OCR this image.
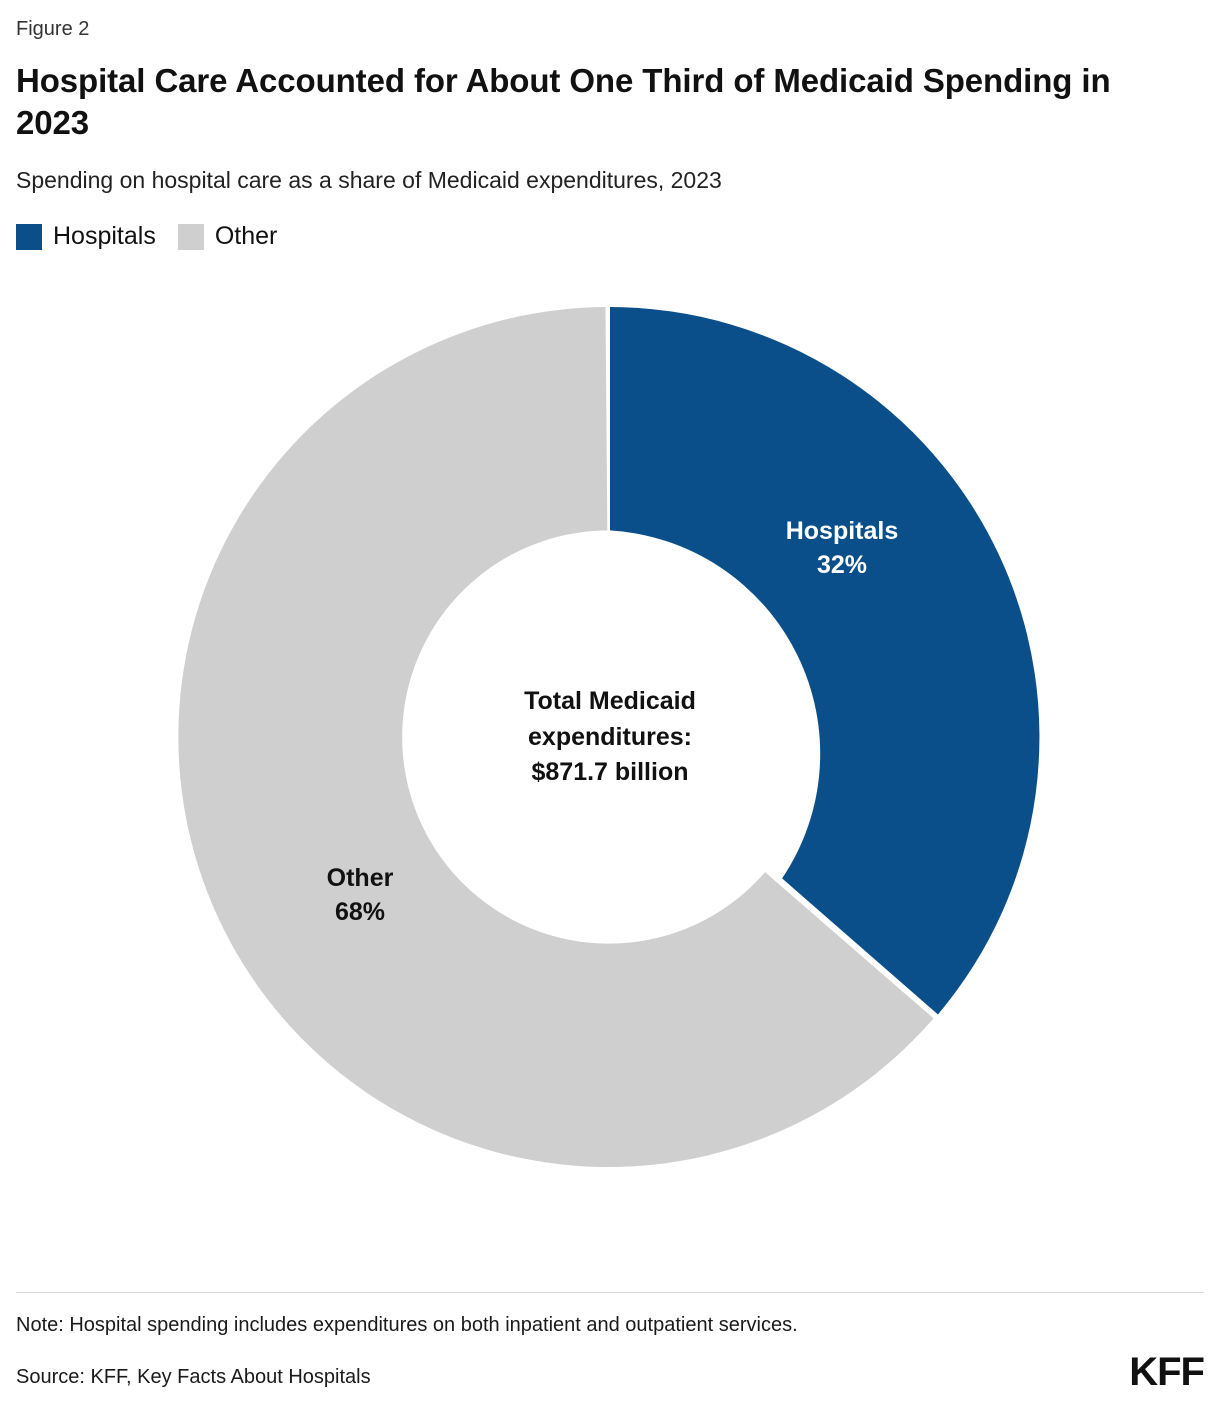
Figure 2
Hospital Care Accounted for About One Third of Medicaid Spending in 2023
Spending on hospital care as a share of Medicaid expenditures, 2023
Hospitals Other
Total Medicaid
expenditures:
$871.7 billion
Hospitals
32%
Other
68%
Note: Hospital spending includes expenditures on both inpatient and outpatient services.
Source: KFF, Key Facts About Hospitals	KFF
